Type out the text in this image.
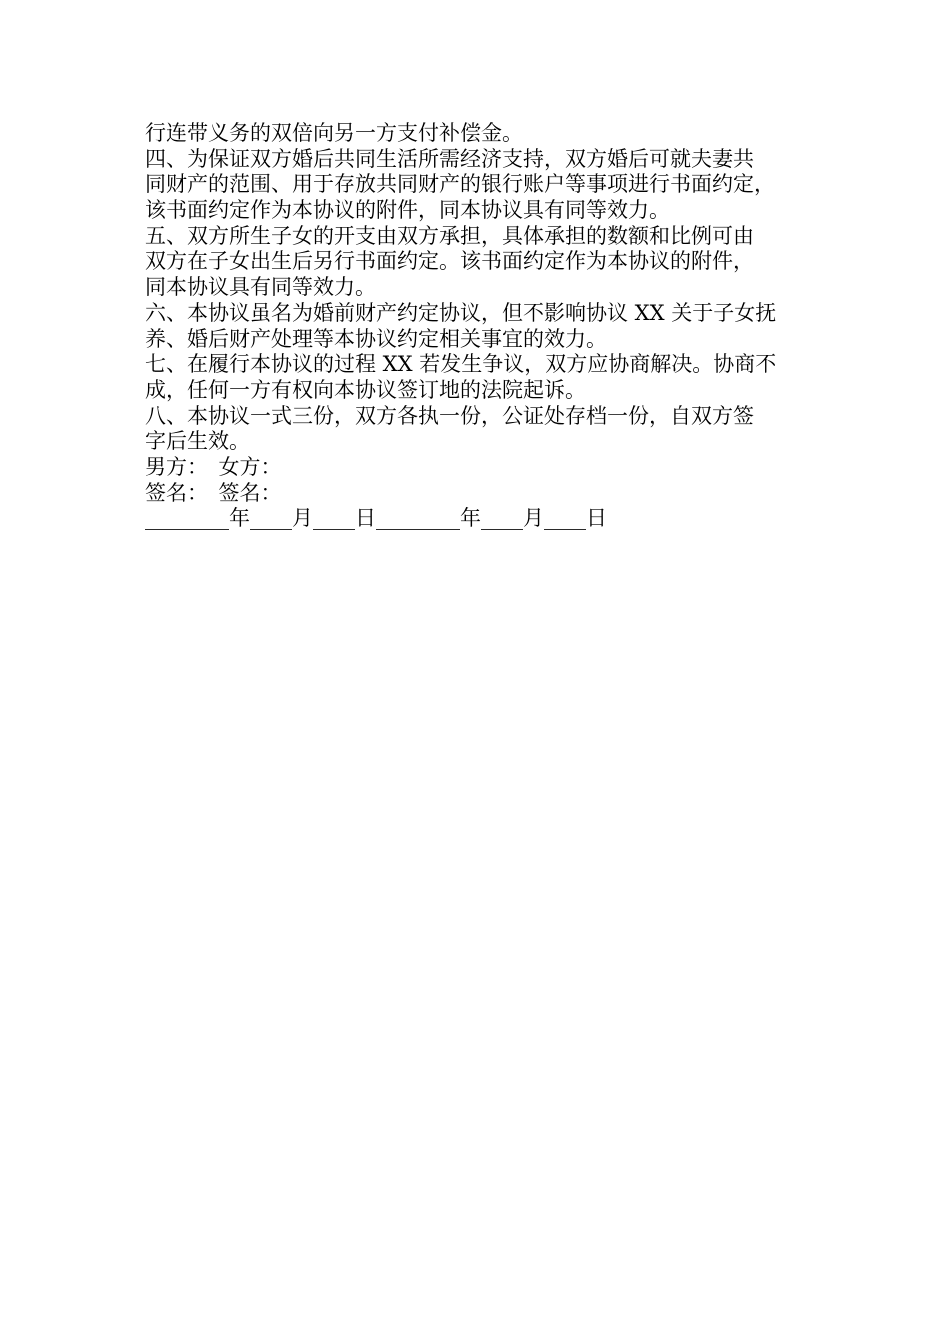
行连带义务的双倍向另一方支付补偿金。
四、为保证双方婚后共同生活所需经济支持，双方婚后可就夫妻共
同财产的范围、用于存放共同财产的银行账户等事项进行书面约定，
该书面约定作为本协议的附件，同本协议具有同等效力。
五、双方所生子女的开支由双方承担，具体承担的数额和比例可由
双方在子女出生后另行书面约定。该书面约定作为本协议的附件，
同本协议具有同等效力。
六、本协议虽名为婚前财产约定协议，但不影响协议 XX 关于子女抚
养、婚后财产处理等本协议约定相关事宜的效力。
七、在履行本协议的过程 XX 若发生争议，双方应协商解决。协商不
成，任何一方有权向本协议签订地的法院起诉。
八、本协议一式三份，双方各执一份，公证处存档一份，自双方签
字后生效。
男方：　女方：
签名：　签名：
________年____月____日________年____月____日
